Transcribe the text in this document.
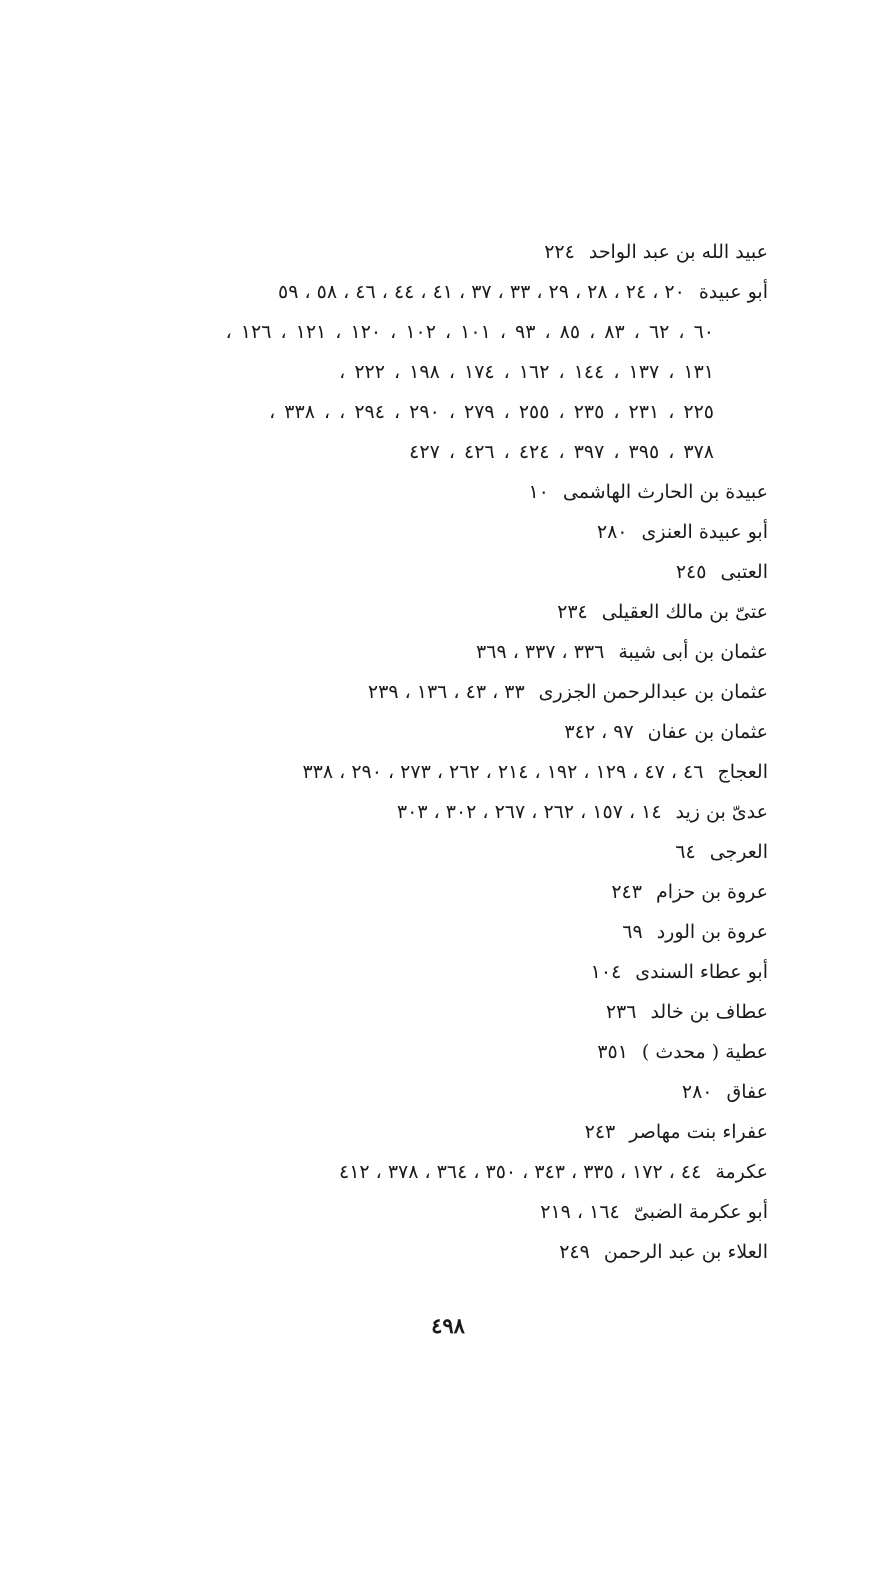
عبيد الله بن عبد الواحد٢٢٤
أبو عبيدة٢٠ ، ٢٤ ، ٢٨ ، ٢٩ ، ٣٣ ، ٣٧ ، ٤١ ، ٤٤ ، ٤٦ ، ٥٨ ، ٥٩
٦٠ ، ٦٢ ، ٨٣ ، ٨٥ ، ٩٣ ، ١٠١ ، ١٠٢ ، ١٢٠ ، ١٢١ ، ١٢٦ ،
١٣١ ، ١٣٧ ، ١٤٤ ، ١٦٢ ، ١٧٤ ، ١٩٨ ، ٢٢٢ ،
٢٢٥ ، ٢٣١ ، ٢٣٥ ، ٢٥٥ ، ٢٧٩ ، ٢٩٠ ، ٢٩٤ ، ، ٣٣٨ ،
٣٧٨ ، ٣٩٥ ، ٣٩٧ ، ٤٢٤ ، ٤٢٦ ، ٤٢٧
عبيدة بن الحارث الهاشمى١٠
أبو عبيدة العنزى٢٨٠
العتبى٢٤٥
عتىّ بن مالك العقيلى٢٣٤
عثمان بن أبى شيبة٣٣٦ ، ٣٣٧ ، ٣٦٩
عثمان بن عبدالرحمن الجزرى٣٣ ، ٤٣ ، ١٣٦ ، ٢٣٩
عثمان بن عفان٩٧ ، ٣٤٢
العجاج٤٦ ، ٤٧ ، ١٢٩ ، ١٩٢ ، ٢١٤ ، ٢٦٢ ، ٢٧٣ ، ٢٩٠ ، ٣٣٨
عدىّ بن زيد١٤ ، ١٥٧ ، ٢٦٢ ، ٢٦٧ ، ٣٠٢ ، ٣٠٣
العرجى٦٤
عروة بن حزام٢٤٣
عروة بن الورد٦٩
أبو عطاء السندى١٠٤
عطاف بن خالد٢٣٦
عطية ( محدث )٣٥١
عفاق٢٨٠
عفراء بنت مهاصر٢٤٣
عكرمة٤٤ ، ١٧٢ ، ٣٣٥ ، ٣٤٣ ، ٣٥٠ ، ٣٦٤ ، ٣٧٨ ، ٤١٢
أبو عكرمة الضبىّ١٦٤ ، ٢١٩
العلاء بن عبد الرحمن٢٤٩
٤٩٨
